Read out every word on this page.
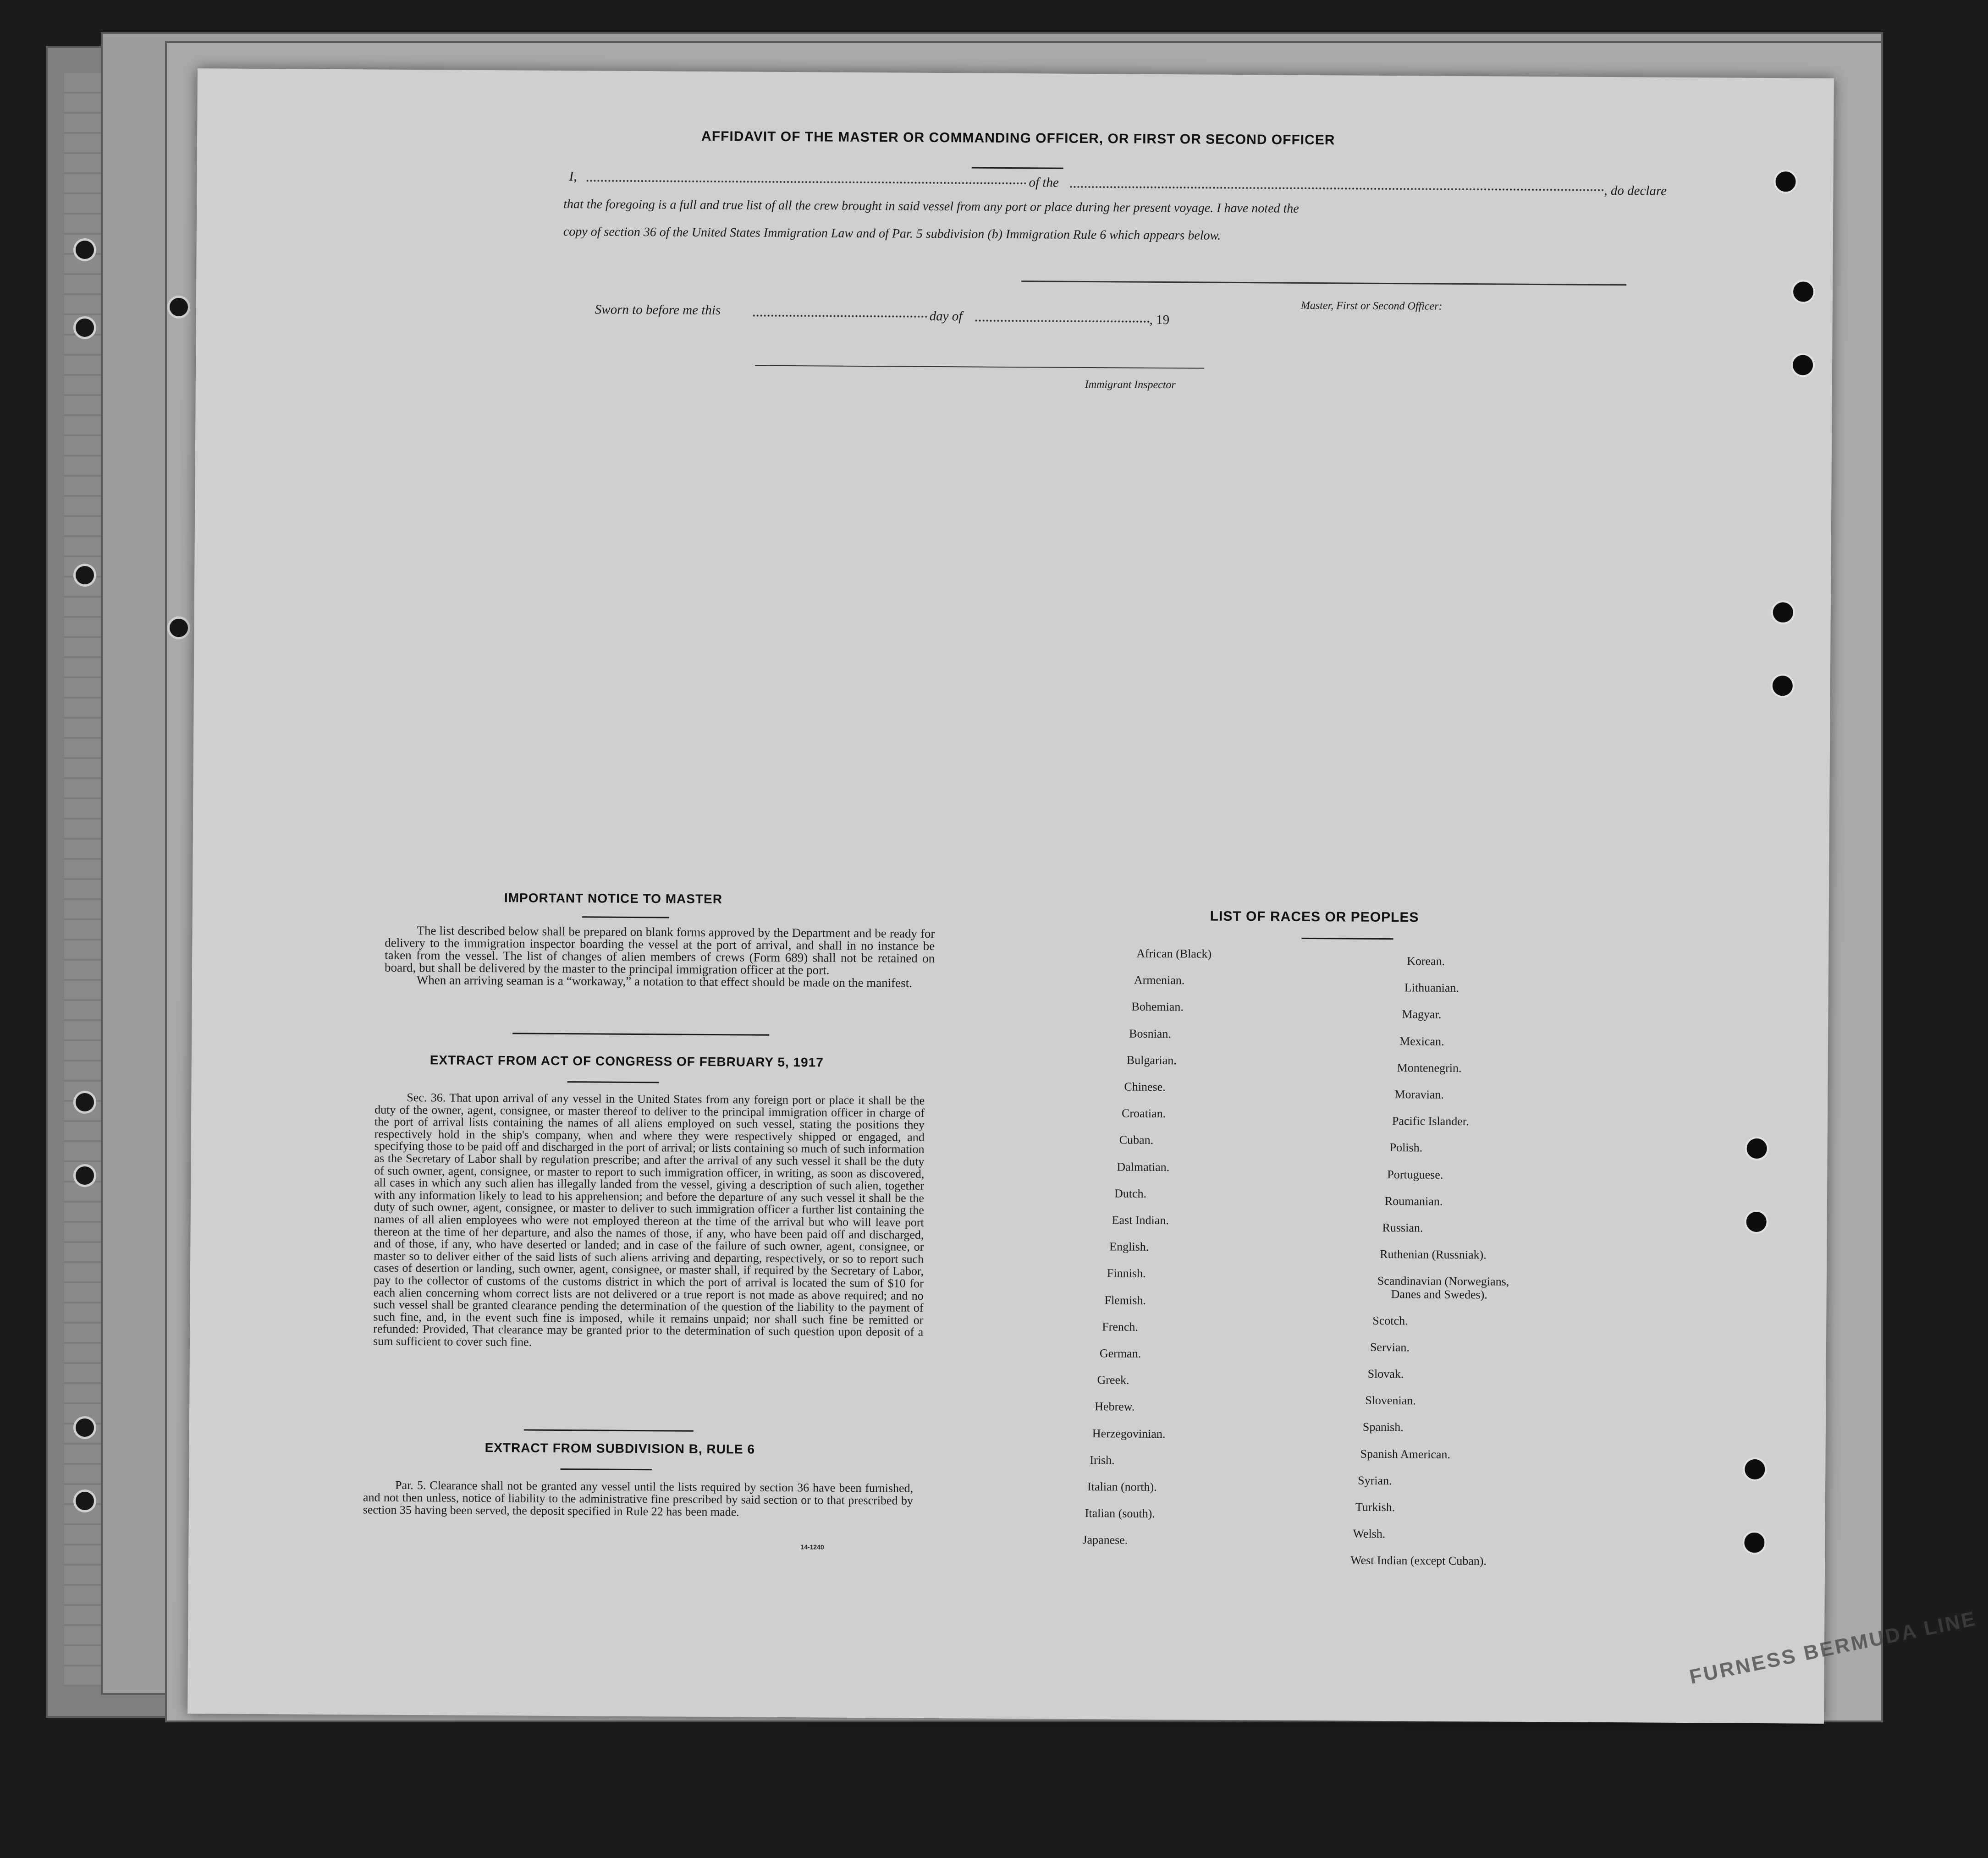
AFFIDAVIT OF THE MASTER OR COMMANDING OFFICER, OR FIRST OR SECOND OFFICER
I,	of the
, do declare
that the foregoing is a full and true list of all the crew brought in said vessel from any port or place during her present voyage. I have noted the
copy of section 36 of the United States Immigration Law and of Par. 5 subdivision (b) Immigration Rule 6 which appears below.
Master, First or Second Officer:
Sworn to before me this	day of	, 19
Immigrant Inspector
IMPORTANT NOTICE TO MASTER

The list described below shall be prepared on blank forms approved by the Department and be ready for delivery to the immigration inspector boarding the vessel at the port of arrival, and shall in no instance be taken from the vessel. The list of changes of alien members of crews (Form 689) shall not be retained on board, but shall be delivered by the master to the principal immigration officer at the port.

When an arriving seaman is a “workaway,” a notation to that effect should be made on the manifest.

EXTRACT FROM ACT OF CONGRESS OF FEBRUARY 5, 1917

Sec. 36. That upon arrival of any vessel in the United States from any foreign port or place it shall be the duty of the owner, agent, consignee, or master thereof to deliver to the principal immigration officer in charge of the port of arrival lists containing the names of all aliens employed on such vessel, stating the positions they respectively hold in the ship's company, when and where they were respectively shipped or engaged, and specifying those to be paid off and discharged in the port of arrival; or lists containing so much of such information as the Secretary of Labor shall by regulation prescribe; and after the arrival of any such vessel it shall be the duty of such owner, agent, consignee, or master to report to such immigration officer, in writing, as soon as discovered, all cases in which any such alien has illegally landed from the vessel, giving a description of such alien, together with any information likely to lead to his apprehension; and before the departure of any such vessel it shall be the duty of such owner, agent, consignee, or master to deliver to such immigration officer a further list containing the names of all alien employees who were not employed thereon at the time of the arrival but who will leave port thereon at the time of her departure, and also the names of those, if any, who have been paid off and discharged, and of those, if any, who have deserted or landed; and in case of the failure of such owner, agent, consignee, or master so to deliver either of the said lists of such aliens arriving and departing, respectively, or so to report such cases of desertion or landing, such owner, agent, consignee, or master shall, if required by the Secretary of Labor, pay to the collector of customs of the customs district in which the port of arrival is located the sum of $10 for each alien concerning whom correct lists are not delivered or a true report is not made as above required; and no such vessel shall be granted clearance pending the determination of the question of the liability to the payment of such fine, and, in the event such fine is imposed, while it remains unpaid; nor shall such fine be remitted or refunded: Provided, That clearance may be granted prior to the determination of such question upon deposit of a sum sufficient to cover such fine.

EXTRACT FROM SUBDIVISION B, RULE 6

Par. 5. Clearance shall not be granted any vessel until the lists required by section 36 have been furnished, and not then unless, notice of liability to the administrative fine prescribed by said section or to that prescribed by section 35 having been served, the deposit specified in Rule 22 has been made.

14-1240
LIST OF RACES OR PEOPLES
FURNESS BERMUDA LINE
African (Black)
Armenian.
Bohemian.
Bosnian.
Bulgarian.
Chinese.
Croatian.
Cuban.
Dalmatian.
Dutch.
East Indian.
English.
Finnish.
Flemish.
French.
German.
Greek.
Hebrew.
Herzegovinian.
Irish.
Italian (north).
Italian (south).
Japanese.
Korean.
Lithuanian.
Magyar.
Mexican.
Montenegrin.
Moravian.
Pacific Islander.
Polish.
Portuguese.
Roumanian.
Russian.
Ruthenian (Russniak).
Scandinavian (Norwegians,
Danes and Swedes).
Scotch.
Servian.
Slovak.
Slovenian.
Spanish.
Spanish American.
Syrian.
Turkish.
Welsh.
West Indian (except Cuban).
